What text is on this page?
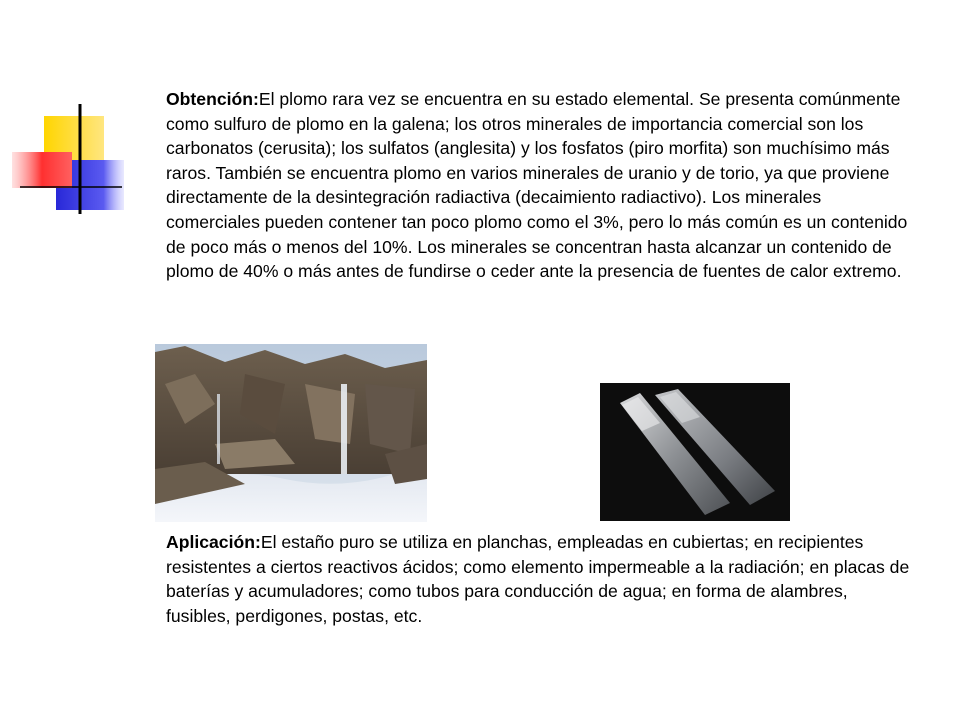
Obtención:El plomo rara vez se encuentra en su estado elemental. Se presenta comúnmente como sulfuro de plomo en la galena; los otros minerales de importancia comercial son los carbonatos (cerusita); los sulfatos (anglesita) y los fosfatos (piro morfita) son muchísimo más raros. También se encuentra plomo en varios minerales de uranio y de torio, ya que proviene directamente de la desintegración radiactiva (decaimiento radiactivo). Los minerales comerciales pueden contener tan poco plomo como el 3%, pero lo más común es un contenido de poco más o menos del 10%. Los minerales se concentran hasta alcanzar un contenido de plomo de 40% o más antes de fundirse o ceder ante la presencia de fuentes de calor extremo.

Aplicación:El estaño puro se utiliza en planchas, empleadas en cubiertas; en recipientes resistentes a ciertos reactivos ácidos; como elemento impermeable a la radiación; en placas de baterías y acumuladores; como tubos para conducción de agua; en forma de alambres, fusibles, perdigones, postas, etc.
